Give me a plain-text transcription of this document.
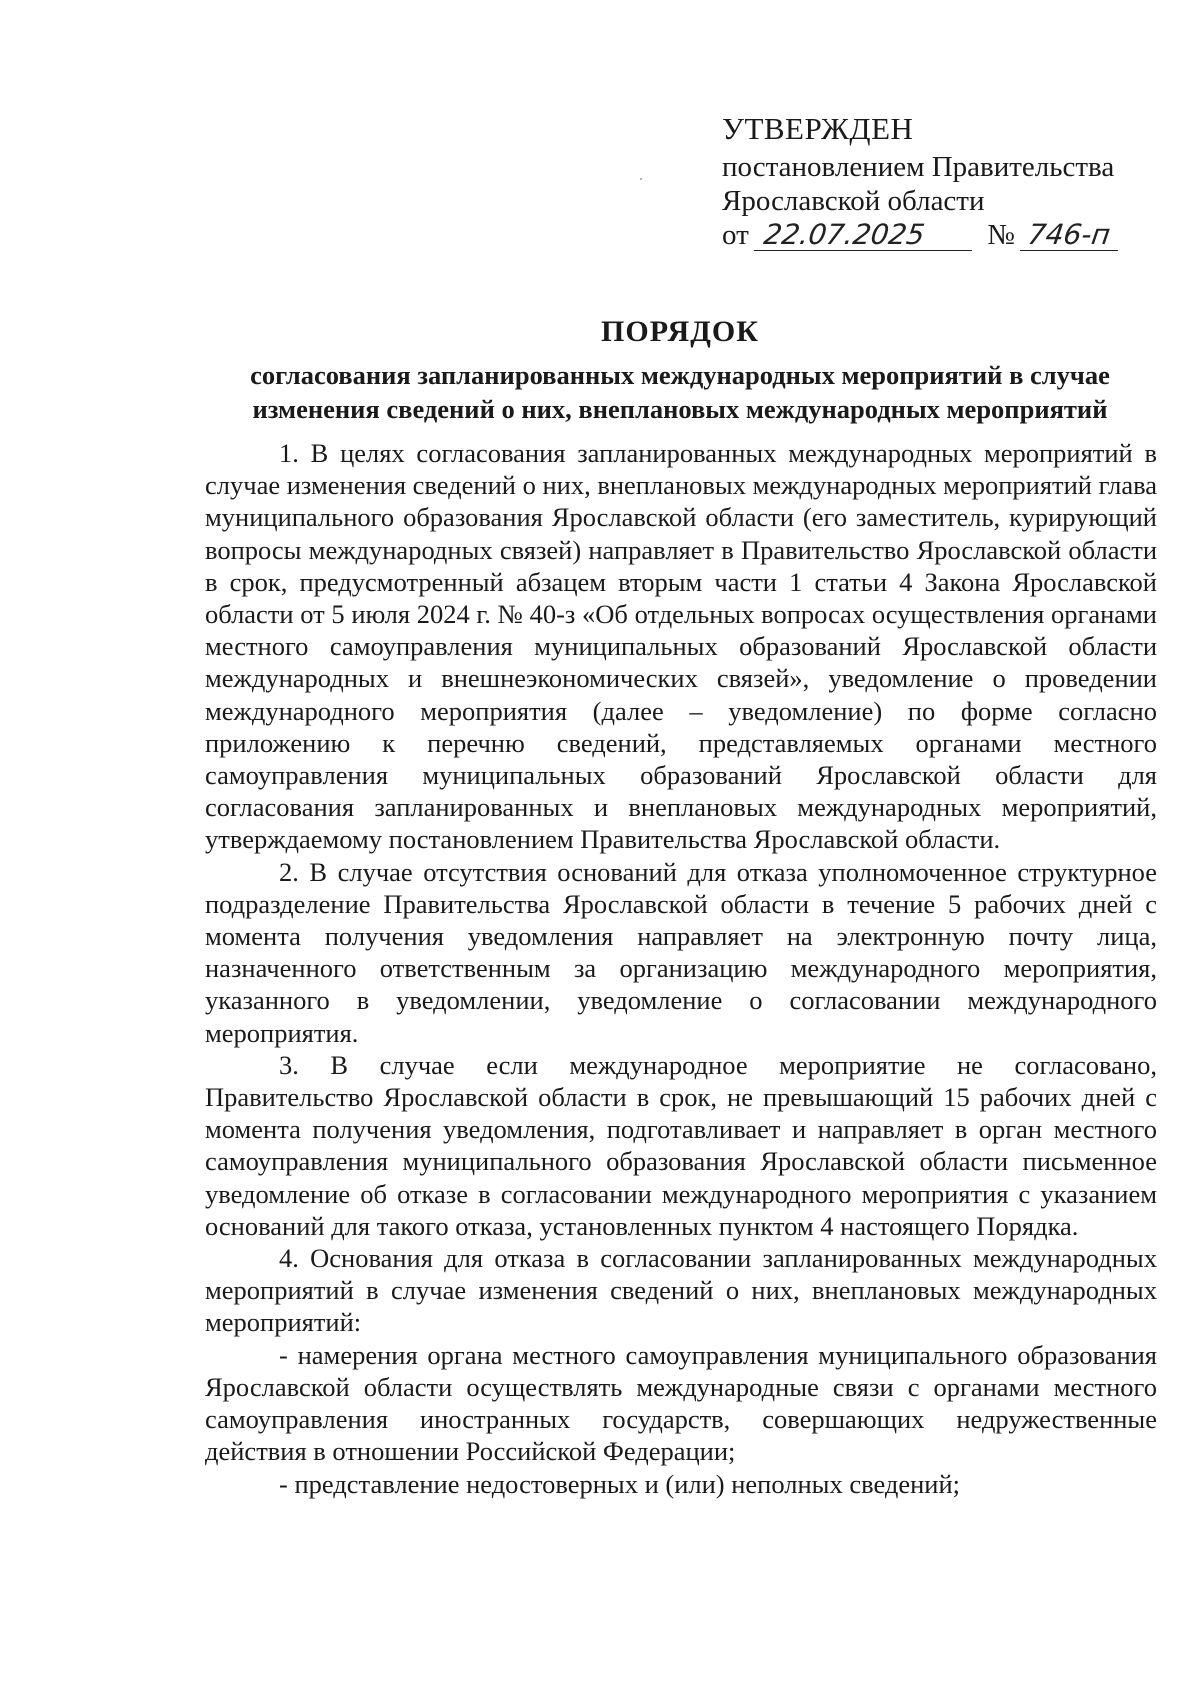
УТВЕРЖДЕН
постановлением Правительства
Ярославской области
от 22.07.2025 № 746-п
ПОРЯДОК
согласования запланированных международных мероприятий в случае изменения сведений о них, внеплановых международных мероприятий

1. В целях согласования запланированных международных мероприятий в случае изменения сведений о них, внеплановых международных мероприятий глава муниципального образования Ярославской области (его заместитель, курирующий вопросы международных связей) направляет в Правительство Ярославской области в срок, предусмотренный абзацем вторым части 1 статьи 4 Закона Ярославской области от 5 июля 2024 г. № 40-з «Об отдельных вопросах осуществления органами местного самоуправления муниципальных образований Ярославской области международных и внешнеэкономических связей», уведомление о проведении международного мероприятия (далее – уведомление) по форме согласно приложению к перечню сведений, представляемых органами местного самоуправления муниципальных образований Ярославской области для согласования запланированных и внеплановых международных мероприятий, утверждаемому постановлением Правительства Ярославской области.

2. В случае отсутствия оснований для отказа уполномоченное структурное подразделение Правительства Ярославской области в течение 5 рабочих дней с момента получения уведомления направляет на электронную почту лица, назначенного ответственным за организацию международного мероприятия, указанного в уведомлении, уведомление о согласовании международного мероприятия.

3. В случае если международное мероприятие не согласовано, Правительство Ярославской области в срок, не превышающий 15 рабочих дней с момента получения уведомления, подготавливает и направляет в орган местного самоуправления муниципального образования Ярославской области письменное уведомление об отказе в согласовании международного мероприятия с указанием оснований для такого отказа, установленных пунктом 4 настоящего Порядка.

4. Основания для отказа в согласовании запланированных международных мероприятий в случае изменения сведений о них, внеплановых международных мероприятий:

- намерения органа местного самоуправления муниципального образования Ярославской области осуществлять международные связи с органами местного самоуправления иностранных государств, совершающих недружественные действия в отношении Российской Федерации;

- представление недостоверных и (или) неполных сведений;
